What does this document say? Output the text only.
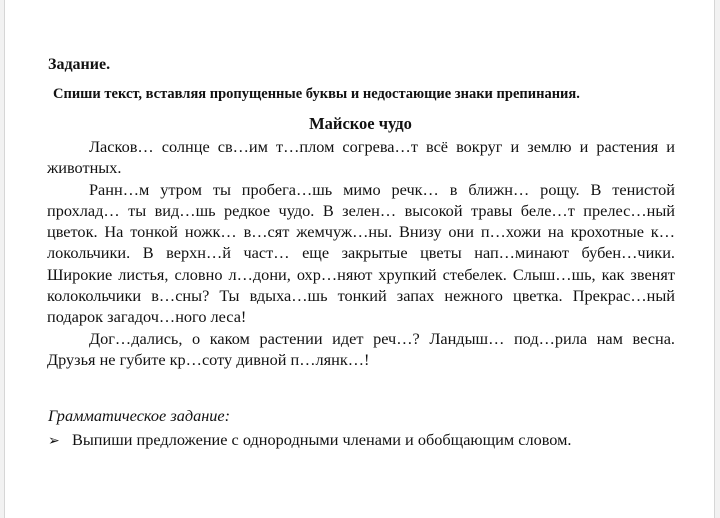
Задание.
Спиши текст, вставляя пропущенные буквы и недостающие знаки препинания.
Майское чудо

Ласков… солнце св…им т…плом согрева…т всё вокруг и землю и растения и животных.

Ранн…м утром ты пробега…шь мимо речк… в ближн… рощу. В тенистой прохлад… ты вид…шь редкое чудо. В зелен… высокой травы беле…т прелес…ный цветок. На тонкой ножк… в…сят жемчуж…ны. Внизу они п…хожи на крохотные к…локольчики. В верхн…й част… еще закрытые цветы нап…минают бубен…чики. Широкие листья, словно л…дони, охр…няют хрупкий стебелек. Слыш…шь, как звенят колокольчики в…сны? Ты вдыха…шь тонкий запах нежного цветка. Прекрас…ный подарок загадоч…ного леса!

Дог…дались, о каком растении идет реч…? Ландыш… под…рила нам весна. Друзья не губите кр…соту дивной п…лянк…!

Грамматическое задание:
➢ Выпиши предложение с однородными членами и обобщающим словом.
